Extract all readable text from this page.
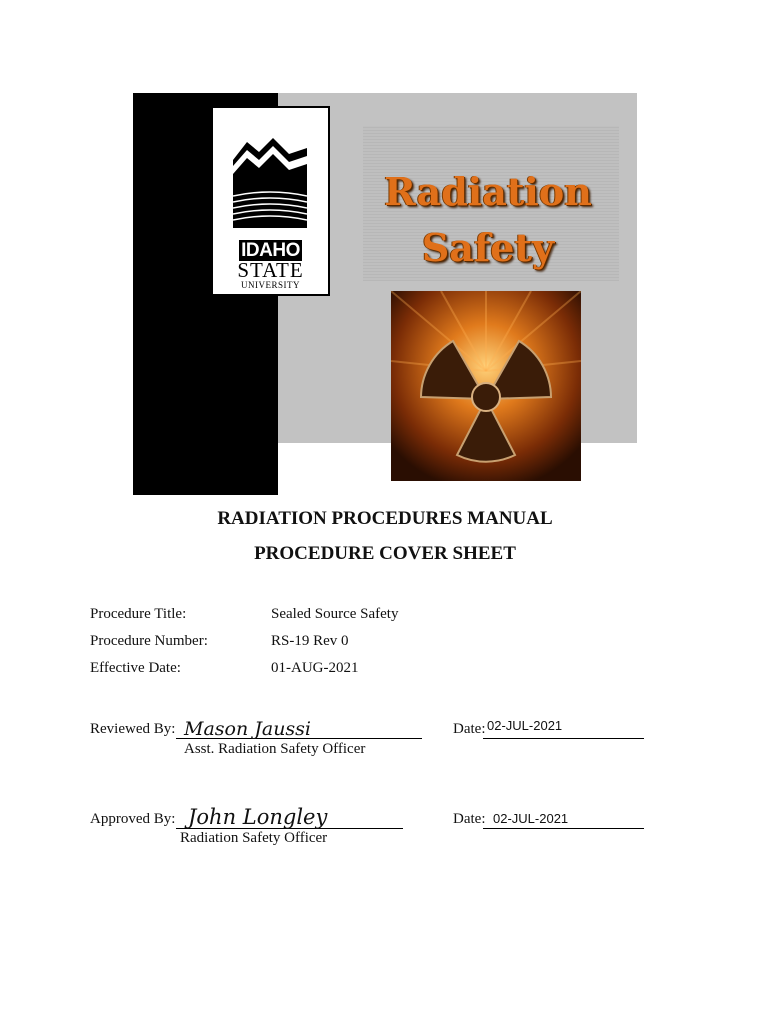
IDAHO
STATE
UNIVERSITY
Radiation
Safety
RADIATION PROCEDURES MANUAL
PROCEDURE COVER SHEET
Procedure Title:	Sealed Source Safety
Procedure Number:	RS-19 Rev 0
Effective Date:	01-AUG-2021
Reviewed By: Mason Jaussi
Asst. Radiation Safety Officer
Date: 02-JUL-2021
Approved By: John Longley
Radiation Safety Officer
Date: 02-JUL-2021
